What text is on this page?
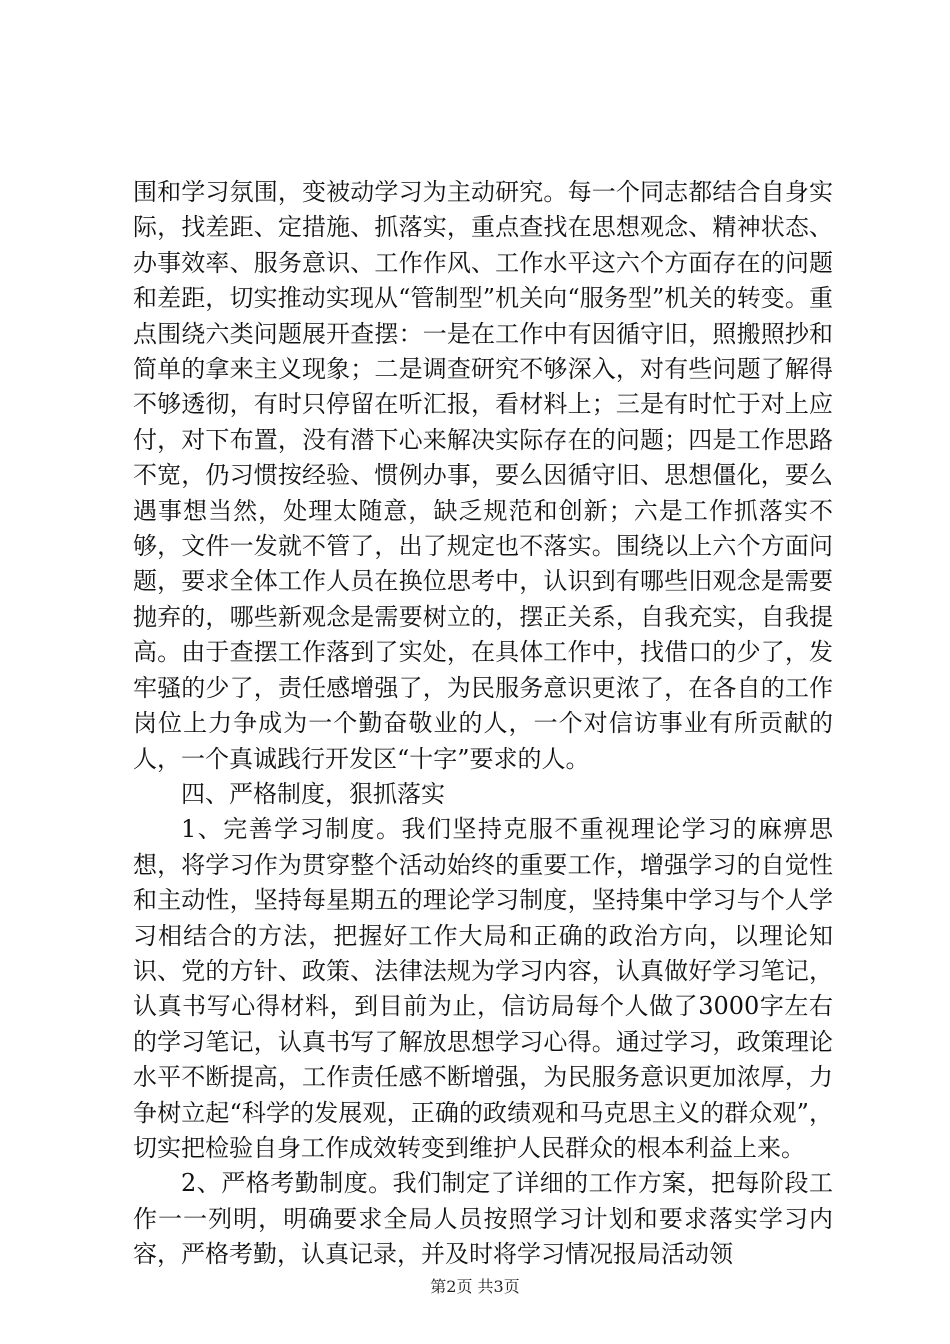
围和学习氛围，变被动学习为主动研究。每一个同志都结合自身实际，找差距、定措施、抓落实，重点查找在思想观念、精神状态、办事效率、服务意识、工作作风、工作水平这六个方面存在的问题和差距，切实推动实现从“管制型”机关向“服务型”机关的转变。重点围绕六类问题展开查摆：一是在工作中有因循守旧，照搬照抄和简单的拿来主义现象；二是调查研究不够深入，对有些问题了解得不够透彻，有时只停留在听汇报，看材料上；三是有时忙于对上应付，对下布置，没有潜下心来解决实际存在的问题；四是工作思路不宽，仍习惯按经验、惯例办事，要么因循守旧、思想僵化，要么遇事想当然，处理太随意，缺乏规范和创新；六是工作抓落实不够，文件一发就不管了，出了规定也不落实。围绕以上六个方面问题，要求全体工作人员在换位思考中，认识到有哪些旧观念是需要抛弃的，哪些新观念是需要树立的，摆正关系，自我充实，自我提高。由于查摆工作落到了实处，在具体工作中，找借口的少了，发牢骚的少了，责任感增强了，为民服务意识更浓了，在各自的工作岗位上力争成为一个勤奋敬业的人，一个对信访事业有所贡献的人，一个真诚践行开发区“十字”要求的人。

四、严格制度，狠抓落实

1、完善学习制度。我们坚持克服不重视理论学习的麻痹思想，将学习作为贯穿整个活动始终的重要工作，增强学习的自觉性和主动性，坚持每星期五的理论学习制度，坚持集中学习与个人学习相结合的方法，把握好工作大局和正确的政治方向，以理论知识、党的方针、政策、法律法规为学习内容，认真做好学习笔记，认真书写心得材料，到目前为止，信访局每个人做了3000字左右的学习笔记，认真书写了解放思想学习心得。通过学习，政策理论水平不断提高，工作责任感不断增强，为民服务意识更加浓厚，力争树立起“科学的发展观，正确的政绩观和马克思主义的群众观”，切实把检验自身工作成效转变到维护人民群众的根本利益上来。

2、严格考勤制度。我们制定了详细的工作方案，把每阶段工作一一列明，明确要求全局人员按照学习计划和要求落实学习内容，严格考勤，认真记录，并及时将学习情况报局活动领

第2页 共3页
